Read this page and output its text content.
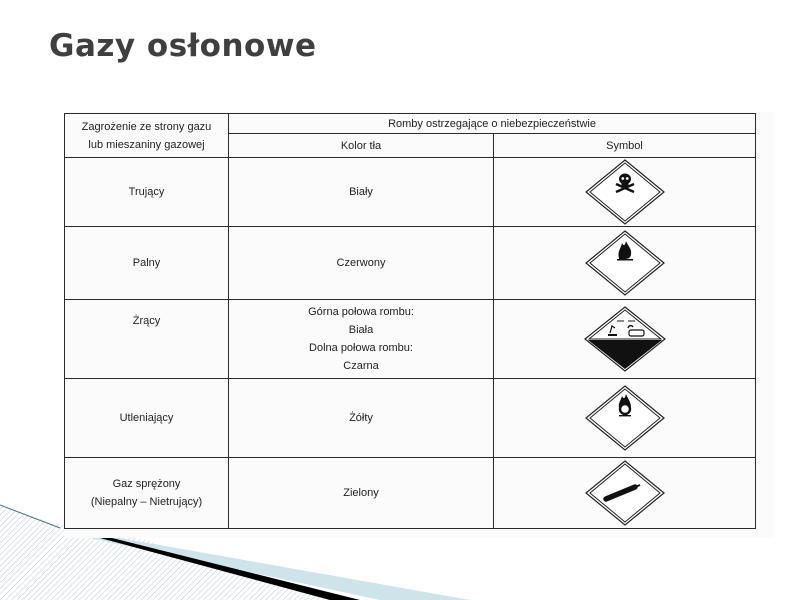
Gazy osłonowe
Zagrożenie ze strony gazu
lub mieszaniny gazowej	Romby ostrzegające o niebezpieczeństwie	
	Kolor tła	Symbol
Trujący	Biały	

Palny	Czerwony	

Żrący	Górna połowa rombu:
Biała
Dolna połowa rombu:
Czarna

Utleniający	Żółty	

Gaz sprężony
(Niepalny – Nietrujący)	Zielony	
